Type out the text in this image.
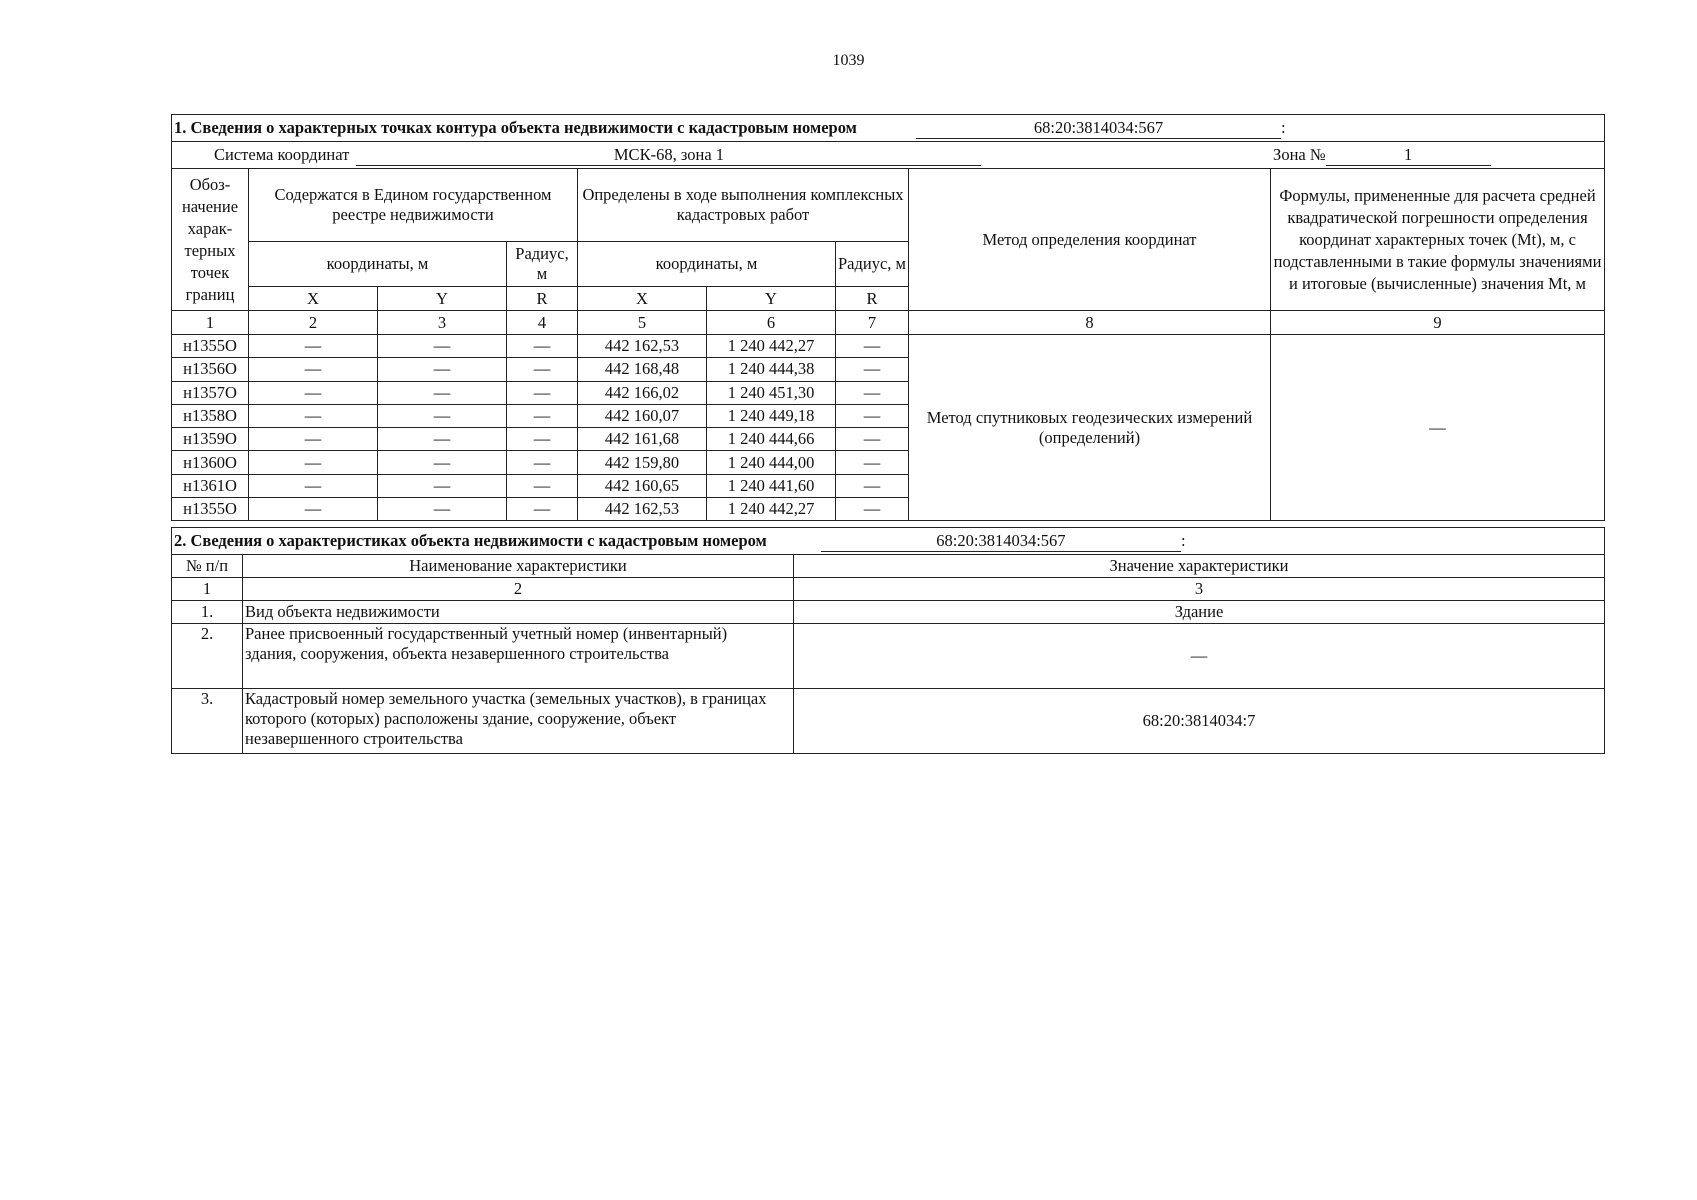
1039
1. Сведения о характерных точках контура объекта недвижимости с кадастровым номером 68:20:3814034:567 :								
Система координат МСК-68, зона 1 Зона № 1								
Обоз-начение харак-терных точек границ	Содержатся в Едином государственном реестре недвижимости			Определены в ходе выполнения комплексных кадастровых работ			Метод определения координат	Формулы, примененные для расчета средней квадратической погрешности определения координат характерных точек (Mt), м, с подставленными в такие формулы значениями и итоговые (вычисленные) значения Mt, м
	координаты, м		Радиус, м	координаты, м		Радиус, м		
	X	Y	R	X	Y	R		
1	2	3	4	5	6	7	8	9
н1355О	—	—	—	442 162,53	1 240 442,27	—	Метод спутниковых геодезических измерений (определений)	—
н1356О	—	—	—	442 168,48	1 240 444,38	—		
н1357О	—	—	—	442 166,02	1 240 451,30	—		
н1358О	—	—	—	442 160,07	1 240 449,18	—		
н1359О	—	—	—	442 161,68	1 240 444,66	—		
н1360О	—	—	—	442 159,80	1 240 444,00	—		
н1361О	—	—	—	442 160,65	1 240 441,60	—		
н1355О	—	—	—	442 162,53	1 240 442,27	—		
2. Сведения о характеристиках объекта недвижимости с кадастровым номером 68:20:3814034:567 :		
№ п/п	Наименование характеристики	Значение характеристики
1	2	3
1.	Вид объекта недвижимости	Здание
2.	Ранее присвоенный государственный учетный номер (инвентарный) здания, сооружения, объекта незавершенного строительства	—
3.	Кадастровый номер земельного участка (земельных участков), в границах которого (которых) расположены здание, сооружение, объект незавершенного строительства	68:20:3814034:7
